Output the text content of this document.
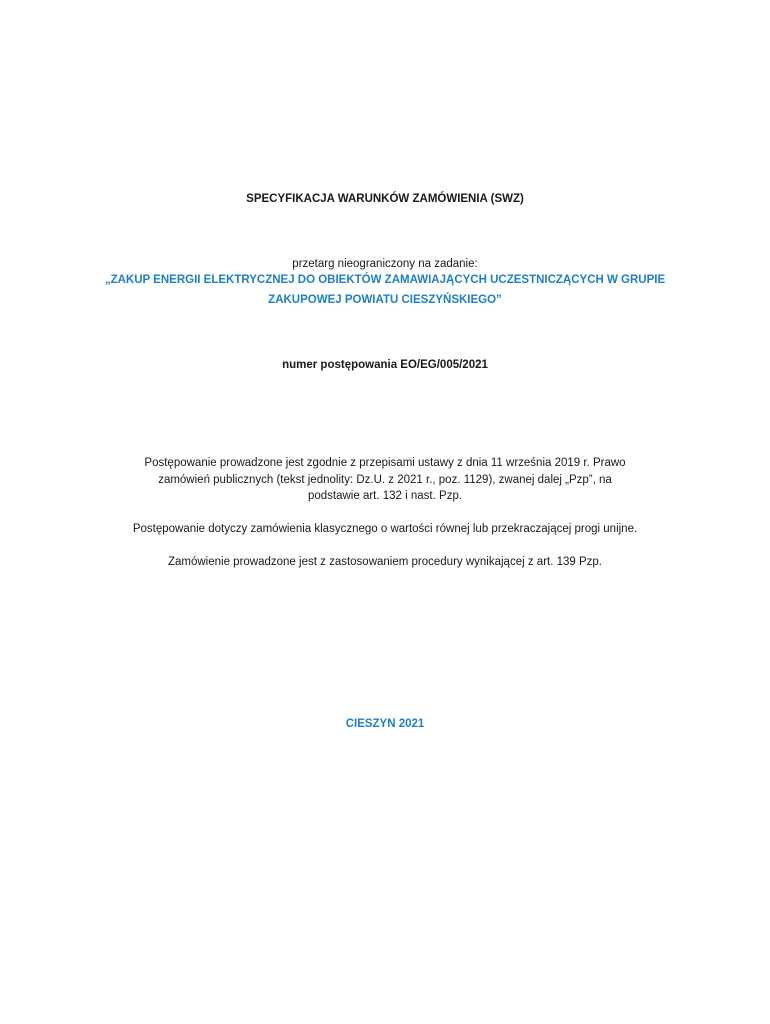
SPECYFIKACJA WARUNKÓW ZAMÓWIENIA (SWZ)
przetarg nieograniczony na zadanie:
„ZAKUP ENERGII ELEKTRYCZNEJ DO OBIEKTÓW ZAMAWIAJĄCYCH UCZESTNICZĄCYCH W GRUPIE
ZAKUPOWEJ POWIATU CIESZYŃSKIEGO”
numer postępowania EO/EG/005/2021
Postępowanie prowadzone jest zgodnie z przepisami ustawy z dnia 11 września 2019 r. Prawo
zamówień publicznych (tekst jednolity: Dz.U. z 2021 r., poz. 1129), zwanej dalej „Pzp”, na
podstawie art. 132 i nast. Pzp.
Postępowanie dotyczy zamówienia klasycznego o wartości równej lub przekraczającej progi unijne.
Zamówienie prowadzone jest z zastosowaniem procedury wynikającej z art. 139 Pzp.
CIESZYN 2021
